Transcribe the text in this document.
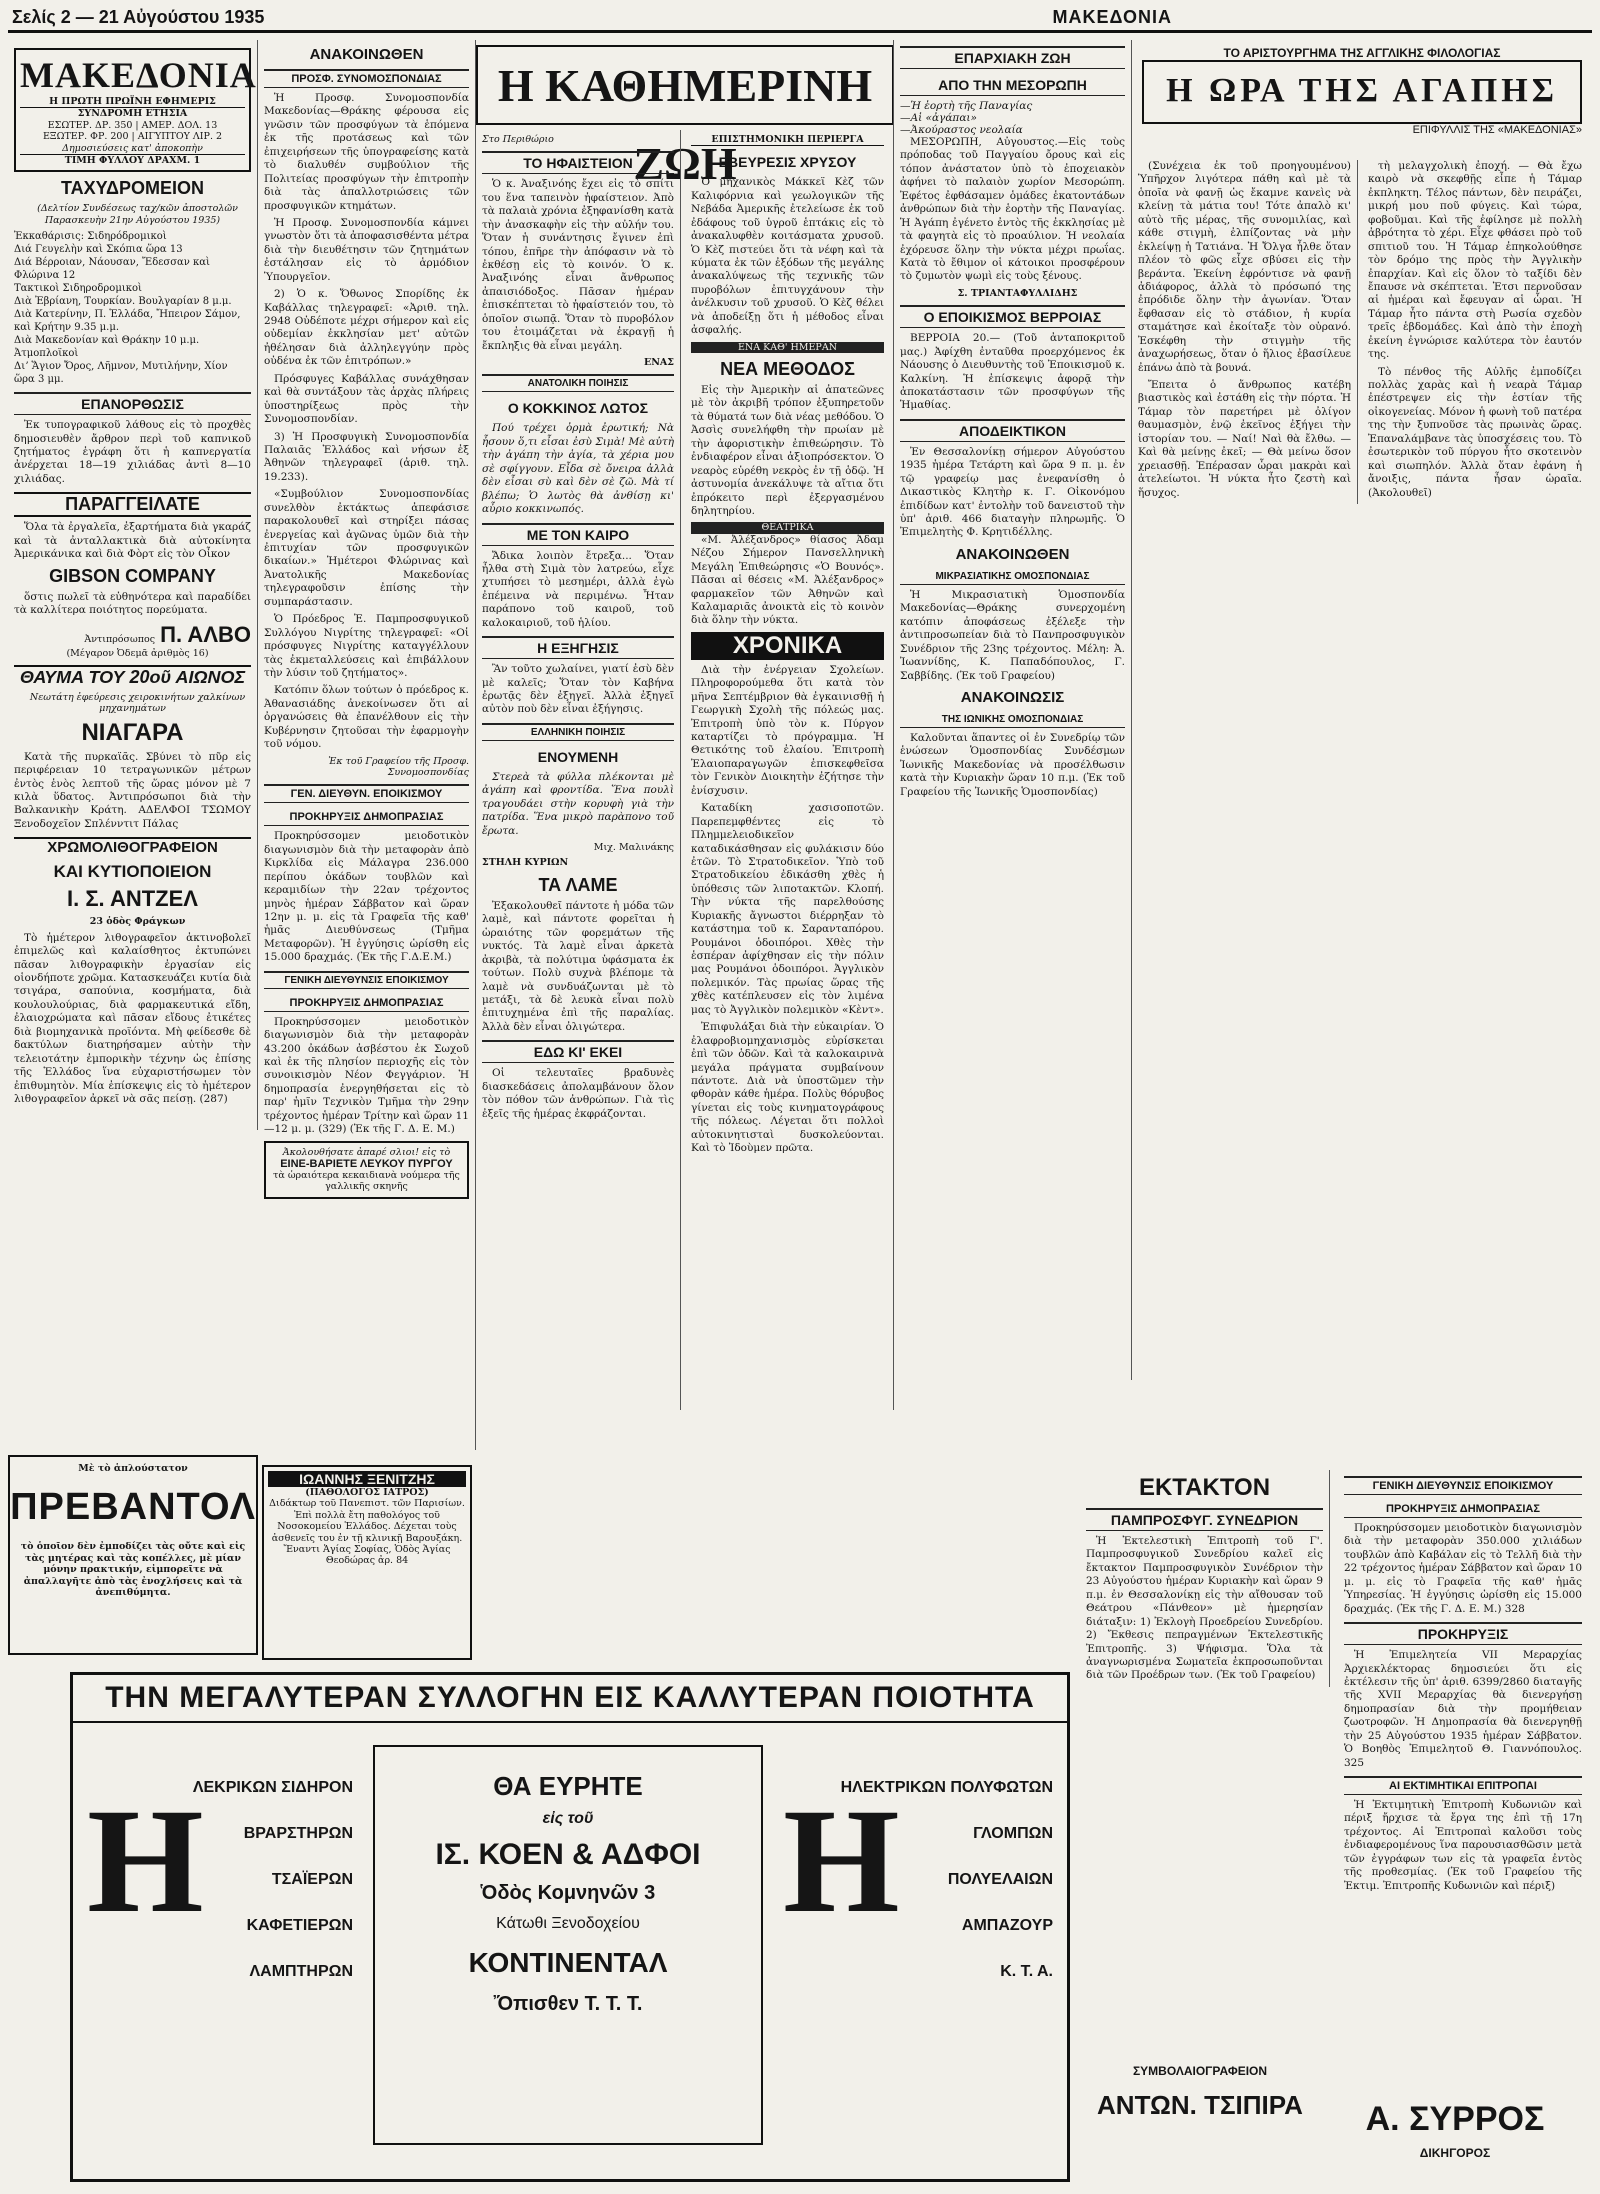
Σελίς 2 — 21 Αὐγούστου 1935	ΜΑΚΕΔΟΝΙΑ
ΜΑΚΕΔΟΝΙΑ
Η ΠΡΩΤΗ ΠΡΩΪΝΗ ΕΦΗΜΕΡΙΣ
ΣΥΝΔΡΟΜΗ ΕΤΗΣΙΑ
ΕΣΩΤΕΡ. ΔΡ. 350 | ΑΜΕΡ. ΔΟΛ. 13
ΕΞΩΤΕΡ. ΦΡ. 200 | ΑΙΓΥΠΤΟΥ ΛΙΡ. 2
Δημοσιεύσεις κατ' ἀποκοπὴν
ΤΙΜΗ ΦΥΛΛΟΥ ΔΡΑΧΜ. 1
ΤΑΧΥΔΡΟΜΕΙΟΝ

(Δελτίον Συνδέσεως ταχ/κῶν ἀποστολῶν Παρασκευὴν 21ην Αὐγούστου 1935)

Ἐκκαθάρισις: Σιδηρόδρομικοὶ
Διά Γευγελὴν καὶ Σκόπια ὥρα 13
Διά Βέρροιαν, Νάουσαν, Ἔδεσσαν καὶ Φλώρινα 12
Τακτικοὶ Σιδηροδρομικοὶ
Διὰ Ἐβρίανη, Τουρκίαν. Βουλγαρίαν 8 μ.μ.
Διὰ Κατερίνην, Π. Ἑλλάδα, Ἤπειρον Σάμον, καὶ Κρήτην 9.35 μ.μ.
Διὰ Μακεδονίαν καὶ Θράκην 10 μ.μ.
Ἀτμοπλοϊκοὶ
Διʼ Ἅγιον Ὄρος, Λῆμνον, Μυτιλήνην, Χίον ὥρα 3 μμ.
ΕΠΑΝΟΡΘΩΣΙΣ

Ἐκ τυπογραφικοῦ λάθους εἰς τὸ προχθὲς δημοσιευθὲν ἄρθρον περὶ τοῦ καπνικοῦ ζητήματος ἐγράφη ὅτι ἡ καπνεργατία ἀνέρχεται 18—19 χιλιάδας ἀντὶ 8—10 χιλιάδας.

ΠΑΡΑΓΓΕΙΛΑΤΕ

Ὅλα τὰ ἐργαλεῖα, ἐξαρτήματα διὰ γκαράζ καὶ τὰ ἀνταλλακτικὰ διὰ αὐτοκίνητα Ἀμερικάνικα καὶ διὰ Φὸρτ εἰς τὸν Οἶκον

GIBSON COMPANY

ὅστις πωλεῖ τὰ εὐθηνότερα καὶ παραδίδει τὰ καλλίτερα ποιότητος πορεύματα.

Ἀντιπρόσωπος Π. ΑΛΒΟ

(Μέγαρον Ὀδεμᾶ ἀριθμὸς 16)

ΘΑΥΜΑ ΤΟΥ 20οῦ ΑΙΩΝΟΣ

Νεωτάτη ἐφεύρεσις χειροκινήτων χαλκίνων μηχανημάτων

ΝΙΑΓΑΡΑ

Κατὰ τῆς πυρκαϊᾶς. Σβύνει τὸ πῦρ εἰς περιφέρειαν 10 τετραγωνικῶν μέτρων ἐντὸς ἑνὸς λεπτοῦ τῆς ὥρας μόνον μὲ 7 κιλὰ ὕδατος. Ἀντιπρόσωποι διὰ τὴν Βαλκανικὴν Κράτη. ΑΔΕΛΦΟΙ ΤΣΩΜΟΥ Ξενοδοχεῖον Σπλένντιτ Πάλας

ΧΡΩΜΟΛΙΘΟΓΡΑΦΕΙΟΝ
ΚΑΙ ΚΥΤΙΟΠΟΙΕΙΟΝ
Ι. Σ. ΑΝΤΖΕΛ

23 ὁδὸς Φράγκων

Τὸ ἡμέτερον λιθογραφεῖον ἀκτινοβολεῖ ἐπιμελῶς καὶ καλαίσθητος ἐκτυπώνει πᾶσαν λιθογραφικὴν ἐργασίαν εἰς οἱονδήποτε χρῶμα. Κατασκευάζει κυτία διὰ τσιγάρα, σαπούνια, κοσμήματα, διὰ κουλουλούριας, διὰ φαρμακευτικά εἴδη, ἐλαιοχρώματα καὶ πᾶσαν εἴδους ἐτικέτες διὰ βιομηχανικὰ προϊόντα. Μὴ φείδεσθε δὲ δακτύλων διατηρήσαμεν αὐτὴν τὴν τελειοτάτην ἐμπορικὴν τέχνην ὡς ἐπίσης τῆς Ἑλλάδος ἵνα εὐχαριστήσωμεν τὸν ἐπιθυμητὸν. Μία ἐπίσκεψις εἰς τὸ ἡμέτερον λιθογραφεῖον ἀρκεῖ νὰ σᾶς πείσῃ. (287)

ΑΝΑΚΟΙΝΩΘΕΝ
ΠΡΟΣΦ. ΣΥΝΟΜΟΣΠΟΝΔΙΑΣ

Ἡ Προσφ. Συνομοσπονδία Μακεδονίας—Θράκης φέρουσα εἰς γνῶσιν τῶν προσφύγων τὰ ἑπόμενα ἐκ τῆς προτάσεως καὶ τῶν ἐπιχειρήσεων τῆς ὑπογραφείσης κατὰ τὸ διαλυθέν συμβούλιον τῆς Πολιτείας προσφύγων τὴν ἐπιτροπὴν διὰ τὰς ἀπαλλοτριώσεις τῶν προσφυγικῶν κτημάτων.

Ἡ Προσφ. Συνομοσπονδία κάμνει γνωστὸν ὅτι τὰ ἀποφασισθέντα μέτρα διὰ τὴν διευθέτησιν τῶν ζητημάτων ἐστάλησαν εἰς τὸ ἁρμόδιον Ὑπουργεῖον.

2) Ὁ κ. Ὄθωνος Σπορίδης ἐκ Καβάλλας τηλεγραφεῖ: «Ἀριθ. τηλ. 2948 Οὐδέποτε μέχρι σήμερον καὶ εἰς οὐδεμίαν ἐκκλησίαν μετ' αὐτῶν ἠθέλησαν διὰ ἀλληλεγγύην πρὸς οὐδένα ἐκ τῶν ἐπιτρόπων.»

Πρόσφυγες Καβάλλας συνάχθησαν καὶ θὰ συντάξουν τὰς ἀρχὰς πλήρεις ὑποστηρίξεως πρὸς τὴν Συνομοσπονδίαν.

3) Ἡ Προσφυγικὴ Συνομοσπονδία Παλαιᾶς Ἑλλάδος καὶ νήσων ἐξ Ἀθηνῶν τηλεγραφεῖ (ἀριθ. τηλ. 19.233).

«Συμβούλιον Συνομοσπονδίας συνελθὸν ἐκτάκτως ἀπεφάσισε παρακολουθεῖ καὶ στηρίξει πάσας ἐνεργείας καὶ ἀγῶνας ὑμῶν διὰ τὴν ἐπιτυχίαν τῶν προσφυγικῶν δικαίων.» Ἡμέτεροι Φλώρινας καὶ Ἀνατολικῆς Μακεδονίας τηλεγραφοῦσιν ἐπίσης τὴν συμπαράστασιν.

Ὁ Πρόεδρος Ἐ. Παμπροσφυγικοῦ Συλλόγου Νιγρίτης τηλεγραφεῖ: «Οἱ πρόσφυγες Νιγρίτης καταγγέλλουν τὰς ἐκμεταλλεύσεις καὶ ἐπιβάλλουν τὴν λύσιν τοῦ ζητήματος».

Κατόπιν ὅλων τούτων ὁ πρόεδρος κ. Ἀθανασιάδης ἀνεκοίνωσεν ὅτι αἱ ὀργανώσεις θὰ ἐπανέλθουν εἰς τὴν Κυβέρνησιν ζητοῦσαι τὴν ἐφαρμογὴν τοῦ νόμου.

Ἐκ τοῦ Γραφείου τῆς Προσφ. Συνομοσπονδίας

ΓΕΝ. ΔΙΕΥΘΥΝ. ΕΠΟΙΚΙΣΜΟΥ
ΠΡΟΚΗΡΥΞΙΣ ΔΗΜΟΠΡΑΣΙΑΣ

Προκηρύσσομεν μειοδοτικὸν διαγωνισμὸν διὰ τὴν μεταφορὰν ἀπὸ Κιρκλίδα εἰς Μάλαγρα 236.000 περίπου ὀκάδων τουβλῶν καὶ κεραμιδίων τὴν 22αν τρέχοντος μηνὸς ἡμέραν Σάββατον καὶ ὥραν 12ην μ. μ. εἰς τὰ Γραφεῖα τῆς καθ' ἡμᾶς Διευθύνσεως (Τμῆμα Μεταφορῶν). Ἡ ἐγγύησις ὡρίσθη εἰς 15.000 δραχμάς. (Ἐκ τῆς Γ.Δ.Ε.Μ.)

ΓΕΝΙΚΗ ΔΙΕΥΘΥΝΣΙΣ ΕΠΟΙΚΙΣΜΟΥ
ΠΡΟΚΗΡΥΞΙΣ ΔΗΜΟΠΡΑΣΙΑΣ

Προκηρύσσομεν μειοδοτικὸν διαγωνισμὸν διὰ τὴν μεταφορὰν 43.200 ὀκάδων ἀσβέστου ἐκ Σωχοῦ καὶ ἐκ τῆς πλησίον περιοχῆς εἰς τὸν συνοικισμὸν Νέον Φεγγάριον. Ἡ δημοπρασία ἐνεργηθήσεται εἰς τὸ παρ' ἡμῖν Τεχνικὸν Τμῆμα τὴν 29ην τρέχοντος ἡμέραν Τρίτην καὶ ὥραν 11—12 μ. μ. (329) (Ἐκ τῆς Γ. Δ. Ε. Μ.)

Ἀκολουθήσατε ἀπαρέ σλιοι! εἰς τὸ
ΕΙΝΕ-ΒΑΡΙΕΤΕ ΛΕΥΚΟΥ ΠΥΡΓΟΥ
τὰ ὡραιότερα κεκαιδιανὰ νούμερα τῆς γαλλικῆς σκηνῆς
Η ΚΑΘΗΜΕΡΙΝΗ ΖΩΗ
Στο Περιθώριο
ΤΟ ΗΦΑΙΣΤΕΙΟΝ

Ὁ κ. Ἀναξινόης ἔχει εἰς τὸ σπίτι του ἕνα ταπεινὸν ἡφαίστειον. Ἀπὸ τὰ παλαιὰ χρόνια ἐξηφανίσθη κατὰ τὴν ἀνασκαφὴν εἰς τὴν αὐλήν του. Ὅταν ἡ συνάντησις ἔγινεν ἐπὶ τόπου, ἐπῆρε τὴν ἀπόφασιν νὰ τὸ ἐκθέσῃ εἰς τὸ κοινόν. Ὁ κ. Ἀναξινόης εἶναι ἄνθρωπος ἀπαισιόδοξος. Πᾶσαν ἡμέραν ἐπισκέπτεται τὸ ἡφαίστειόν του, τὸ ὁποῖον σιωπᾷ. Ὅταν τὸ πυροβόλον του ἐτοιμάζεται νὰ ἐκραγῇ ἡ ἔκπληξις θὰ εἶναι μεγάλη.

ΕΝΑΣ

ΑΝΑΤΟΛΙΚΗ ΠΟΙΗΣΙΣ
Ο ΚΟΚΚΙΝΟΣ ΛΩΤΟΣ

Πού τρέχει ὀρμὰ ἐρωτική; Νὰ ἦσουν ὅ,τι εἶσαι ἐσὺ Σιμὰ! Μὲ αὐτὴ τὴν ἀγάπη τὴν ἁγία, τὰ χέρια μου σὲ σφίγγουν. Εἶδα σὲ ὄνειρα ἀλλὰ δὲν εἶσαι σὺ καὶ δὲν σὲ ζῶ. Μὰ τί βλέπω; Ὁ λωτὸς θὰ ἀνθίσῃ κι' αὖριο κοκκινωπός.

ΜΕ ΤΟΝ ΚΑΙΡΟ

Ἄδικα λοιπὸν ἔτρεξα... Ὅταν ἦλθα στὴ Σιμὰ τὸν λατρεύω, εἶχε χτυπήσει τὸ μεσημέρι, ἀλλὰ ἐγὼ ἐπέμεινα νὰ περιμένω. Ἦταν παράπονο τοῦ καιροῦ, τοῦ καλοκαιριοῦ, τοῦ ἡλίου.

Η ΕΞΗΓΗΣΙΣ

Ἂν τοῦτο χωλαίνει, γιατί ἐσὺ δὲν μὲ καλεῖς; Ὅταν τὸν Καβήνα ἐρωτᾷς δὲν ἐξηγεῖ. Ἀλλὰ ἐξηγεῖ αὐτὸν ποὺ δὲν εἶναι ἐξήγησις.

ΕΛΛΗΝΙΚΗ ΠΟΙΗΣΙΣ
ΕΝΟΥΜΕΝΗ

Στερεὰ τὰ φύλλα πλέκονται μὲ ἀγάπη καὶ φροντίδα. Ἕνα πουλὶ τραγουδάει στὴν κορυφὴ γιὰ τὴν πατρίδα. Ἕνα μικρὸ παρὰπονο τοῦ ἔρωτα.

Μιχ. Μαλινάκης

ΣΤΗΛΗ ΚΥΡΙΩΝ
ΤΑ ΛΑΜΕ

Ἐξακολουθεῖ πάντοτε ἡ μόδα τῶν λαμὲ, καὶ πάντοτε φορεῖται ἡ ὡραιότης τῶν φορεμάτων τῆς νυκτός. Τὰ λαμὲ εἶναι ἀρκετὰ ἀκριβὰ, τὰ πολύτιμα ὑφάσματα ἐκ τούτων. Πολὺ συχνὰ βλέπομε τὰ λαμὲ νὰ συνδυάζωνται μὲ τὸ μετάξι, τὰ δὲ λευκὰ εἶναι πολὺ ἐπιτυχημένα ἐπὶ τῆς παραλίας. Ἀλλὰ δὲν εἶναι ὀλιγώτερα.

ΕΔΩ ΚΙ' ΕΚΕΙ

Οἱ τελευταῖες βραδυνὲς διασκεδάσεις ἀπολαμβάνουν ὅλον τὸν πόθον τῶν ἀνθρώπων. Γιὰ τὶς ἐξεῖς τῆς ἡμέρας ἐκφράζονται.

ΕΠΙΣΤΗΜΟΝΙΚΗ ΠΕΡΙΕΡΓΑ
ΕΒΕΥΡΕΣΙΣ ΧΡΥΣΟΥ

Ὁ μηχανικὸς Μάκκεϊ Κὲζ τῶν Καλιφόρνια καὶ γεωλογικῶν τῆς Νεβάδα Ἀμερικῆς ἐτελείωσε ἐκ τοῦ ἐδάφους τοῦ ὑγροῦ ἑπτάκις εἰς τὸ ἀνακαλυφθὲν κοιτάσματα χρυσοῦ. Ὁ Κὲζ πιστεύει ὅτι τὰ νέφη καὶ τὰ κύματα ἐκ τῶν ἐξόδων τῆς μεγάλης ἀνακαλύψεως τῆς τεχνικῆς τῶν πυροβόλων ἐπιτυγχάνουν τὴν ἀνέλκυσιν τοῦ χρυσοῦ. Ὁ Κὲζ θέλει νὰ ἀποδείξῃ ὅτι ἡ μέθοδος εἶναι ἀσφαλής.

ΕΝΑ ΚΑΘ' ΗΜΕΡΑΝ
ΝΕΑ ΜΕΘΟΔΟΣ

Εἰς τὴν Ἀμερικὴν αἱ ἀπατεῶνες μὲ τὸν ἀκριβῆ τρόπον ἐξυπηρετοῦν τὰ θύματά των διὰ νέας μεθόδου. Ὁ Ἀσσὶς συνελήφθη τὴν πρωίαν μὲ τὴν ἀφοριστικὴν ἐπιθεώρησιν. Τὸ ἐνδιαφέρον εἶναι ἀξιοπρόσεκτον. Ὁ νεαρὸς εὑρέθη νεκρὸς ἐν τῇ ὁδῷ. Ἡ ἀστυνομία ἀνεκάλυψε τὰ αἴτια ὅτι ἐπρόκειτο περὶ ἐξεργασμένου δηλητηρίου.

ΘΕΑΤΡΙΚΑ

«Μ. Ἀλέξανδρος» θίασος Ἀδαμ Νέζου Σήμερον Πανσελληνικὴ Μεγάλη Ἐπιθεώρησις «Ὁ Βουνός». Πᾶσαι αἱ θέσεις «Μ. Ἀλέξανδρος» φαρμακεῖον τῶν Ἀθηνῶν καὶ Καλαμαριᾶς ἀνοικτὰ εἰς τὸ κοινὸν διὰ ὅλην τὴν νύκτα.

ΧΡΟΝΙΚΑ

Διὰ τὴν ἐνέργειαν Σχολείων. Πληροφορούμεθα ὅτι κατὰ τὸν μῆνα Σεπτέμβριον θὰ ἐγκαινισθῇ ἡ Γεωργικὴ Σχολὴ τῆς πόλεώς μας. Ἐπιτροπὴ ὑπὸ τὸν κ. Πύργον καταρτίζει τὸ πρόγραμμα. Ἡ Θετικότης τοῦ ἐλαίου. Ἐπιτροπὴ Ἐλαιοπαραγωγῶν ἐπισκεφθεῖσα τὸν Γενικὸν Διοικητὴν ἐζήτησε τὴν ἐνίσχυσιν.

Καταδίκη χασισοποτῶν. Παρεπεμφθέντες εἰς τὸ Πλημμελειοδικεῖον καταδικάσθησαν εἰς φυλάκισιν δύο ἐτῶν. Τὸ Στρατοδικεῖον. Ὑπὸ τοῦ Στρατοδικείου ἐδικάσθη χθὲς ἡ ὑπόθεσις τῶν λιποτακτῶν. Κλοπή. Τὴν νύκτα τῆς παρελθούσης Κυριακῆς ἄγνωστοι διέρρηξαν τὸ κατάστημα τοῦ κ. Σαρανταπόρου. Ρουμάνοι ὁδοιπόροι. Χθὲς τὴν ἑσπέραν ἀφίχθησαν εἰς τὴν πόλιν μας Ρουμάνοι ὁδοιπόροι. Ἀγγλικὸν πολεμικόν. Τὰς πρωίας ὥρας τῆς χθὲς κατέπλευσεν εἰς τὸν λιμένα μας τὸ Ἀγγλικὸν πολεμικὸν «Κὲντ».

Ἐπιφυλάξαι διὰ τὴν εὐκαιρίαν. Ὁ ἐλαφροβιομηχανισμὸς εὑρίσκεται ἐπὶ τῶν ὁδῶν. Καὶ τὰ καλοκαιρινὰ μεγάλα πράγματα συμβαίνουν πάντοτε. Διὰ νὰ ὑποστῶμεν τὴν φθορὰν κάθε ἡμέρα. Πολὺς θόρυβος γίνεται εἰς τοὺς κινηματογράφους τῆς πόλεως. Λέγεται ὅτι πολλοὶ αὐτοκινητισταὶ δυσκολεύονται. Καὶ τὸ Ἰδοὺμεν πρῶτα.

ΕΠΑΡΧΙΑΚΗ ΖΩΗ
ΑΠΟ ΤΗΝ ΜΕΣΟΡΩΠΗ
—Ἡ ἑορτὴ τῆς Παναγίας
—Αἱ «ἀγάπαι»
—Ἀκούραστος νεολαία

ΜΕΣΟΡΩΠΗ, Αὐγουστος.—Εἰς τοὺς πρόποδας τοῦ Παγγαίου ὄρους καὶ εἰς τόπον ἀνάστατον ὑπὸ τὸ ἐποχειακὸν ἀφήνει τὸ παλαιὸν χωρίον Μεσορώπη. Ἐφέτος ἐφθάσαμεν ὁμάδες ἑκατοντάδων ἀνθρώπων διὰ τὴν ἑορτὴν τῆς Παναγίας. Ἡ Ἀγάπη ἐγένετο ἐντὸς τῆς ἐκκλησίας μὲ τὰ φαγητὰ εἰς τὸ προαύλιον. Ἡ νεολαία ἐχόρευσε ὅλην τὴν νύκτα μέχρι πρωΐας. Κατὰ τὸ ἔθιμον οἱ κάτοικοι προσφέρουν τὸ ζυμωτὸν ψωμὶ εἰς τοὺς ξένους.

Σ. ΤΡΙΑΝΤΑΦΥΛΛΙΔΗΣ

Ο ΕΠΟΙΚΙΣΜΟΣ ΒΕΡΡΟΙΑΣ

ΒΕΡΡΟΙΑ 20.— (Τοῦ ἀνταποκριτοῦ μας.) Ἀφίχθη ἐνταῦθα προερχόμενος ἐκ Νάουσης ὁ Διευθυντὴς τοῦ Ἐποικισμοῦ κ. Καλκίνη. Ἡ ἐπίσκεψις ἀφορᾷ τὴν ἀποκατάστασιν τῶν προσφύγων τῆς Ἡμαθίας.

ΑΠΟΔΕΙΚΤΙΚΟΝ

Ἐν Θεσσαλονίκῃ σήμερον Αὐγούστου 1935 ἡμέρα Τετάρτη καὶ ὥρα 9 π. μ. ἐν τῷ γραφείῳ μας ἐνεφανίσθη ὁ Δικαστικὸς Κλητὴρ κ. Γ. Οἰκονόμου ἐπιδίδων κατ' ἐντολὴν τοῦ δανειστοῦ τὴν ὑπ' ἀριθ. 466 διαταγὴν πληρωμῆς. Ὁ Ἐπιμελητὴς Φ. Κρητιδέλλης.

ΑΝΑΚΟΙΝΩΘΕΝ
ΜΙΚΡΑΣΙΑΤΙΚΗΣ ΟΜΟΣΠΟΝΔΙΑΣ

Ἡ Μικρασιατικὴ Ὁμοσπονδία Μακεδονίας—Θράκης συνερχομένη κατόπιν ἀποφάσεως ἐξέλεξε τὴν ἀντιπροσωπείαν διὰ τὸ Πανπροσφυγικὸν Συνέδριον τῆς 23ης τρέχοντος. Μέλη: Ἀ. Ἰωαννίδης, Κ. Παπαδόπουλος, Γ. Σαββίδης. (Ἐκ τοῦ Γραφείου)

ΑΝΑΚΟΙΝΩΣΙΣ
ΤΗΣ ΙΩΝΙΚΗΣ ΟΜΟΣΠΟΝΔΙΑΣ

Καλοῦνται ἅπαντες οἱ ἐν Συνεδρίῳ τῶν ἑνώσεων Ὁμοσπονδίας Συνδέσμων Ἰωνικῆς Μακεδονίας νὰ προσέλθωσιν κατὰ τὴν Κυριακὴν ὥραν 10 π.μ. (Ἐκ τοῦ Γραφείου τῆς Ἰωνικῆς Ὁμοσπονδίας)

ΤΟ ΑΡΙΣΤΟΥΡΓΗΜΑ ΤΗΣ ΑΓΓΛΙΚΗΣ ΦΙΛΟΛΟΓΙΑΣ
Η ΩΡΑ ΤΗΣ ΑΓΑΠΗΣ
ΕΠΙΦΥΛΛΙΣ ΤΗΣ «ΜΑΚΕΔΟΝΙΑΣ»

(Συνέχεια ἐκ τοῦ προηγουμένου) Ὑπῆρχον λιγότερα πάθη καὶ μὲ τὰ ὁποῖα νὰ φανῇ ὡς ἔκαμνε κανεὶς νὰ κλείνῃ τὰ μάτια του! Τότε ἀπαλὸ κι' αὐτὸ τῆς μέρας, τῆς συνομιλίας, καὶ κάθε στιγμὴ, ἐλπίζοντας νὰ μὴν ἐκλείψῃ ἡ Τατιάνα. Ἡ Ὄλγα ἦλθε ὅταν πλέον τὸ φῶς εἶχε σβύσει εἰς τὴν βεράντα. Ἐκείνη ἐφρόντισε νὰ φανῇ ἀδιάφορος, ἀλλὰ τὸ πρόσωπό της ἐπρόδιδε ὅλην τὴν ἀγωνίαν. Ὅταν ἔφθασαν εἰς τὸ στάδιον, ἡ κυρία σταμάτησε καὶ ἐκοίταξε τὸν οὐρανό. Ἐσκέφθη τὴν στιγμὴν τῆς ἀναχωρήσεως, ὅταν ὁ ἥλιος ἐβασίλευε ἐπάνω ἀπὸ τὰ βουνά.

Ἔπειτα ὁ ἄνθρωπος κατέβη βιαστικὸς καὶ ἐστάθη εἰς τὴν πόρτα. Ἡ Τάμαρ τὸν παρετήρει μὲ ὀλίγον θαυμασμὸν, ἐνῷ ἐκεῖνος ἐξήγει τὴν ἱστορίαν του. — Ναί! Ναὶ θὰ ἔλθω. — Καὶ θὰ μείνῃς ἐκεῖ; — Θὰ μείνω ὅσον χρειασθῇ. Ἐπέρασαν ὧραι μακρὰι καὶ ἀτελείωτοι. Ἡ νύκτα ἦτο ζεστὴ καὶ ἥσυχος.

τὴ μελαγχολικὴ ἐποχή. — Θὰ ἔχω καιρὸ νὰ σκεφθῇς εἶπε ἡ Τάμαρ ἐκπληκτη. Τέλος πάντων, δὲν πειράζει, μικρή μου ποῦ φύγεις. Καὶ τώρα, φοβοῦμαι. Καὶ τῆς ἐφίλησε μὲ πολλὴ ἀβρότητα τὸ χέρι. Εἶχε φθάσει πρὸ τοῦ σπιτιοῦ του. Ἡ Τάμαρ ἐπηκολούθησε τὸν δρόμο της πρὸς τὴν Ἀγγλικὴν ἐπαρχίαν. Καὶ εἰς ὅλον τὸ ταξίδι δὲν ἔπαυσε νὰ σκέπτεται. Ἐτσι περνοῦσαν αἱ ἡμέραι καὶ ἔφευγαν αἱ ὧραι. Ἡ Τάμαρ ἦτο πάντα στὴ Ρωσία σχεδὸν τρεῖς ἑβδομάδες. Καὶ ἀπὸ τὴν ἐποχὴ ἐκείνη ἐγνώρισε καλύτερα τὸν ἑαυτόν της.

Τὸ πένθος τῆς Αὐλῆς ἐμποδίζει πολλὰς χαρὰς καὶ ἡ νεαρὰ Τάμαρ ἐπέστρεψεν εἰς τὴν ἑστίαν τῆς οἰκογενείας. Μόνον ἡ φωνὴ τοῦ πατέρα της τὴν ξυπνοῦσε τὰς πρωινὰς ὥρας. Ἐπαναλάμβανε τὰς ὑποσχέσεις του. Τὸ ἐσωτερικὸν τοῦ πύργου ἦτο σκοτεινὸν καὶ σιωπηλόν. Ἀλλὰ ὅταν ἐφάνη ἡ ἄνοιξις, πάντα ἦσαν ὡραῖα. (Ἀκολουθεῖ)

ΕΚΤΑΚΤΟΝ
ΠΑΜΠΡΟΣΦΥΓ. ΣΥΝΕΔΡΙΟΝ

Ἡ Ἐκτελεστικὴ Ἐπιτροπὴ τοῦ Γ'. Παμπροσφυγικοῦ Συνεδρίου καλεῖ εἰς ἔκτακτον Παμπροσφυγικὸν Συνέδριον τὴν 23 Αὐγούστου ἡμέραν Κυριακὴν καὶ ὥραν 9 π.μ. ἐν Θεσσαλονίκῃ εἰς τὴν αἴθουσαν τοῦ Θεάτρου «Πάνθεον» μὲ ἡμερησίαν διάταξιν: 1) Ἐκλογὴ Προεδρείου Συνεδρίου. 2) Ἔκθεσις πεπραγμένων Ἐκτελεστικῆς Ἐπιτροπῆς. 3) Ψήφισμα. Ὅλα τὰ ἀναγνωρισμένα Σωματεῖα ἐκπροσωποῦνται διὰ τῶν Προέδρων των. (Ἐκ τοῦ Γραφείου)

ΓΕΝΙΚΗ ΔΙΕΥΘΥΝΣΙΣ ΕΠΟΙΚΙΣΜΟΥ
ΠΡΟΚΗΡΥΞΙΣ ΔΗΜΟΠΡΑΣΙΑΣ

Προκηρύσσομεν μειοδοτικὸν διαγωνισμὸν διὰ τὴν μεταφορὰν 350.000 χιλιάδων τουβλῶν ἀπὸ Καβάλαν εἰς τὸ Τελλῆ διὰ τὴν 22 τρέχοντος ἡμέραν Σάββατον καὶ ὥραν 10 μ. μ. εἰς τὸ Γραφεῖα τῆς καθ' ἡμᾶς Ὑπηρεσίας. Ἡ ἐγγύησις ὡρίσθη εἰς 15.000 δραχμάς. (Ἐκ τῆς Γ. Δ. Ε. Μ.) 328

ΠΡΟΚΗΡΥΞΙΣ

Ἡ Ἐπιμελητεία VII Μεραρχίας Ἀρχιεκλέκτορας δημοσιεύει ὅτι εἰς ἐκτέλεσιν τῆς ὑπ' ἀριθ. 6399/2860 διαταγῆς τῆς ΧVΙΙ Μεραρχίας θὰ διενεργήσῃ δημοπρασίαν διὰ τὴν προμήθειαν ζωοτροφῶν. Ἡ Δημοπρασία θὰ διενεργηθῇ τὴν 25 Αὐγούστου 1935 ἡμέραν Σάββατον. Ὁ Βοηθὸς Ἐπιμελητοῦ Θ. Γιαννόπουλος. 325

ΑΙ ΕΚΤΙΜΗΤΙΚΑΙ ΕΠΙΤΡΟΠΑΙ

Ἡ Ἐκτιμητικὴ Ἐπιτροπὴ Κυδωνιῶν καὶ πέριξ ἤρχισε τὰ ἔργα της ἐπὶ τῇ 17η τρέχοντος. Αἱ Ἐπιτροπαὶ καλοῦσι τοὺς ἐνδιαφερομένους ἵνα παρουσιασθῶσιν μετὰ τῶν ἐγγράφων των εἰς τὰ γραφεῖα ἐντὸς τῆς προθεσμίας. (Ἐκ τοῦ Γραφείου τῆς Ἐκτιμ. Ἐπιτροπῆς Κυδωνιῶν καὶ πέριξ)

Μὲ τὸ ἁπλούστατον
ΠΡΕΒΑΝΤΟΛ
τὸ ὁποῖον δὲν ἐμποδίζει τὰς οὔτε καὶ εἰς τὰς μητέρας καὶ τὰς κοπέλλες, μὲ μίαν μόνην πρακτικήν, εἰμπορεῖτε νὰ ἀπαλλαγῆτε ἀπὸ τὰς ἐνοχλήσεις καὶ τὰ ἀνεπιθύμητα.
ΙΩΑΝΝΗΣ ΞΕΝΙΤΖΗΣ
(ΠΑΘΟΛΟΓΟΣ ΙΑΤΡΟΣ)
Διδάκτωρ τοῦ Πανεπιστ. τῶν Παρισίων. Ἐπὶ πολλὰ ἔτη παθολόγος τοῦ Νοσοκομείου Ἑλλάδος. Δέχεται τοὺς ἀσθενεῖς του ἐν τῇ κλινικῇ Βαρουξάκη. Ἔναντι Ἁγίας Σοφίας, Ὁδὸς Ἁγίας Θεοδώρας ἀρ. 84
ΤΗΝ ΜΕΓΑΛΥΤΕΡΑΝ ΣΥΛΛΟΓΗΝ ΕΙΣ ΚΑΛΛΥΤΕΡΑΝ ΠΟΙΟΤΗΤΑ
Η
ΛΕΚΡΙΚΩΝ ΣΙΔΗΡΟΝ
ΒΡΑΡΣΤΗΡΩΝ
ΤΣΑΪΕΡΩΝ
ΚΑΦΕΤΙΕΡΩΝ
ΛΑΜΠΤΗΡΩΝ
ΘΑ ΕΥΡΗΤΕ
εἰς τοῦ
ΙΣ. ΚΟΕΝ & ΑΔΦΟΙ
Ὁδὸς Κομνηνῶν 3
Κάτωθι Ξενοδοχείου
ΚΟΝΤΙΝΕΝΤΑΛ
Ὄπισθεν Τ. Τ. Τ.
Η
ΗΛΕΚΤΡΙΚΩΝ ΠΟΛΥΦΩΤΩΝ
ΓΛΟΜΠΩΝ
ΠΟΛΥΕΛΑΙΩΝ
ΑΜΠΑΖΟΥΡ
Κ. Τ. Α.
ΣΥΜΒΟΛΑΙΟΓΡΑΦΕΙΟΝ
ΑΝΤΩΝ. ΤΣΙΠΙΡΑ	Α. ΣΥΡΡΟΣ
ΔΙΚΗΓΟΡΟΣ
